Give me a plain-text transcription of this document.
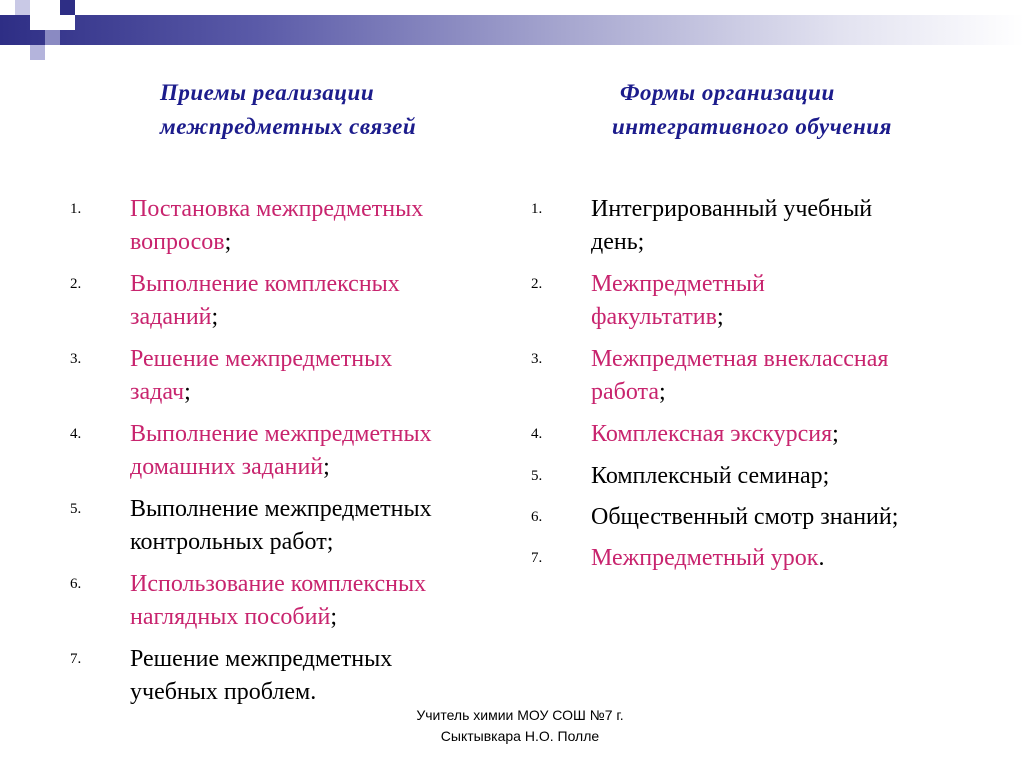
Приемы реализации
межпредметных связей
Формы организации
интегративного обучения
1.	Постановка межпредметных
вопросов;
2.	Выполнение комплексных
заданий;
3.	Решение межпредметных
задач;
4.	Выполнение межпредметных
домашних заданий;
5.	Выполнение межпредметных
контрольных работ;
6.	Использование комплексных
наглядных пособий;
7.	Решение межпредметных
учебных проблем.
1.	Интегрированный учебный
день;
2.	Межпредметный
факультатив;
3.	Межпредметная внеклассная
работа;
4.	Комплексная экскурсия;
5.	Комплексный семинар;
6.	Общественный смотр знаний;
7.	Межпредметный урок.
Учитель химии МОУ СОШ №7 г.
Сыктывкара Н.О. Полле
